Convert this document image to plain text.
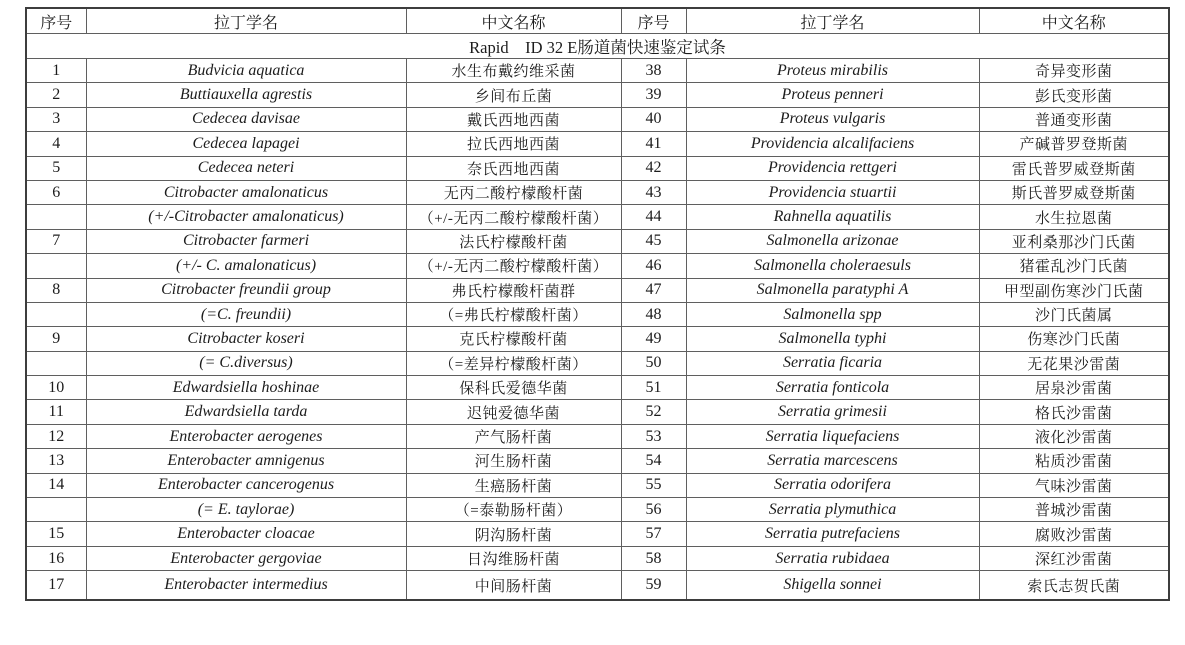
序号	拉丁学名	中文名称	序号	拉丁学名	中文名称
Rapid　ID 32 E肠道菌快速鉴定试条					
1	Budvicia aquatica	水生布戴约维采菌	38	Proteus mirabilis	奇异变形菌
2	Buttiauxella agrestis	乡间布丘菌	39	Proteus penneri	彭氏变形菌
3	Cedecea davisae	戴氏西地西菌	40	Proteus vulgaris	普通变形菌
4	Cedecea lapagei	拉氏西地西菌	41	Providencia alcalifaciens	产碱普罗登斯菌
5	Cedecea neteri	奈氏西地西菌	42	Providencia rettgeri	雷氏普罗威登斯菌
6	Citrobacter amalonaticus	无丙二酸柠檬酸杆菌	43	Providencia stuartii	斯氏普罗威登斯菌
	(+/-Citrobacter amalonaticus)	（+/-无丙二酸柠檬酸杆菌）	44	Rahnella aquatilis	水生拉恩菌
7	Citrobacter farmeri	法氏柠檬酸杆菌	45	Salmonella arizonae	亚利桑那沙门氏菌
	(+/- C. amalonaticus)	（+/-无丙二酸柠檬酸杆菌）	46	Salmonella choleraesuls	猪霍乱沙门氏菌
8	Citrobacter freundii group	弗氏柠檬酸杆菌群	47	Salmonella paratyphi A	甲型副伤寒沙门氏菌
	(=C. freundii)	（=弗氏柠檬酸杆菌）	48	Salmonella spp	沙门氏菌属
9	Citrobacter koseri	克氏柠檬酸杆菌	49	Salmonella typhi	伤寒沙门氏菌
	(= C.diversus)	（=差异柠檬酸杆菌）	50	Serratia ficaria	无花果沙雷菌
10	Edwardsiella hoshinae	保科氏爱德华菌	51	Serratia fonticola	居泉沙雷菌
11	Edwardsiella tarda	迟钝爱德华菌	52	Serratia grimesii	格氏沙雷菌
12	Enterobacter aerogenes	产气肠杆菌	53	Serratia liquefaciens	液化沙雷菌
13	Enterobacter amnigenus	河生肠杆菌	54	Serratia marcescens	粘质沙雷菌
14	Enterobacter cancerogenus	生癌肠杆菌	55	Serratia odorifera	气味沙雷菌
	(= E. taylorae)	（=泰勒肠杆菌）	56	Serratia plymuthica	普城沙雷菌
15	Enterobacter cloacae	阴沟肠杆菌	57	Serratia putrefaciens	腐败沙雷菌
16	Enterobacter gergoviae	日沟维肠杆菌	58	Serratia rubidaea	深红沙雷菌
17	Enterobacter intermedius	中间肠杆菌	59	Shigella sonnei	索氏志贺氏菌
